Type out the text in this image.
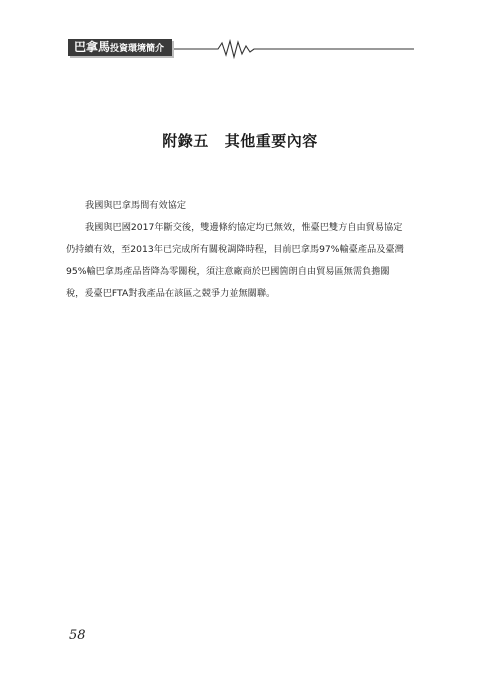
巴拿馬投資環境簡介
附錄五 其他重要內容

我國與巴拿馬間有效協定

我國與巴國2017年斷交後，雙邊條約協定均已無效，惟臺巴雙方自由貿易協定
仍持續有效，至2013年已完成所有關稅調降時程，目前巴拿馬97%輸臺產品及臺灣
95%輸巴拿馬產品皆降為零關稅，須注意廠商於巴國箇朗自由貿易區無需負擔關
稅，爰臺巴FTA對我產品在該區之競爭力並無關聯。

58
